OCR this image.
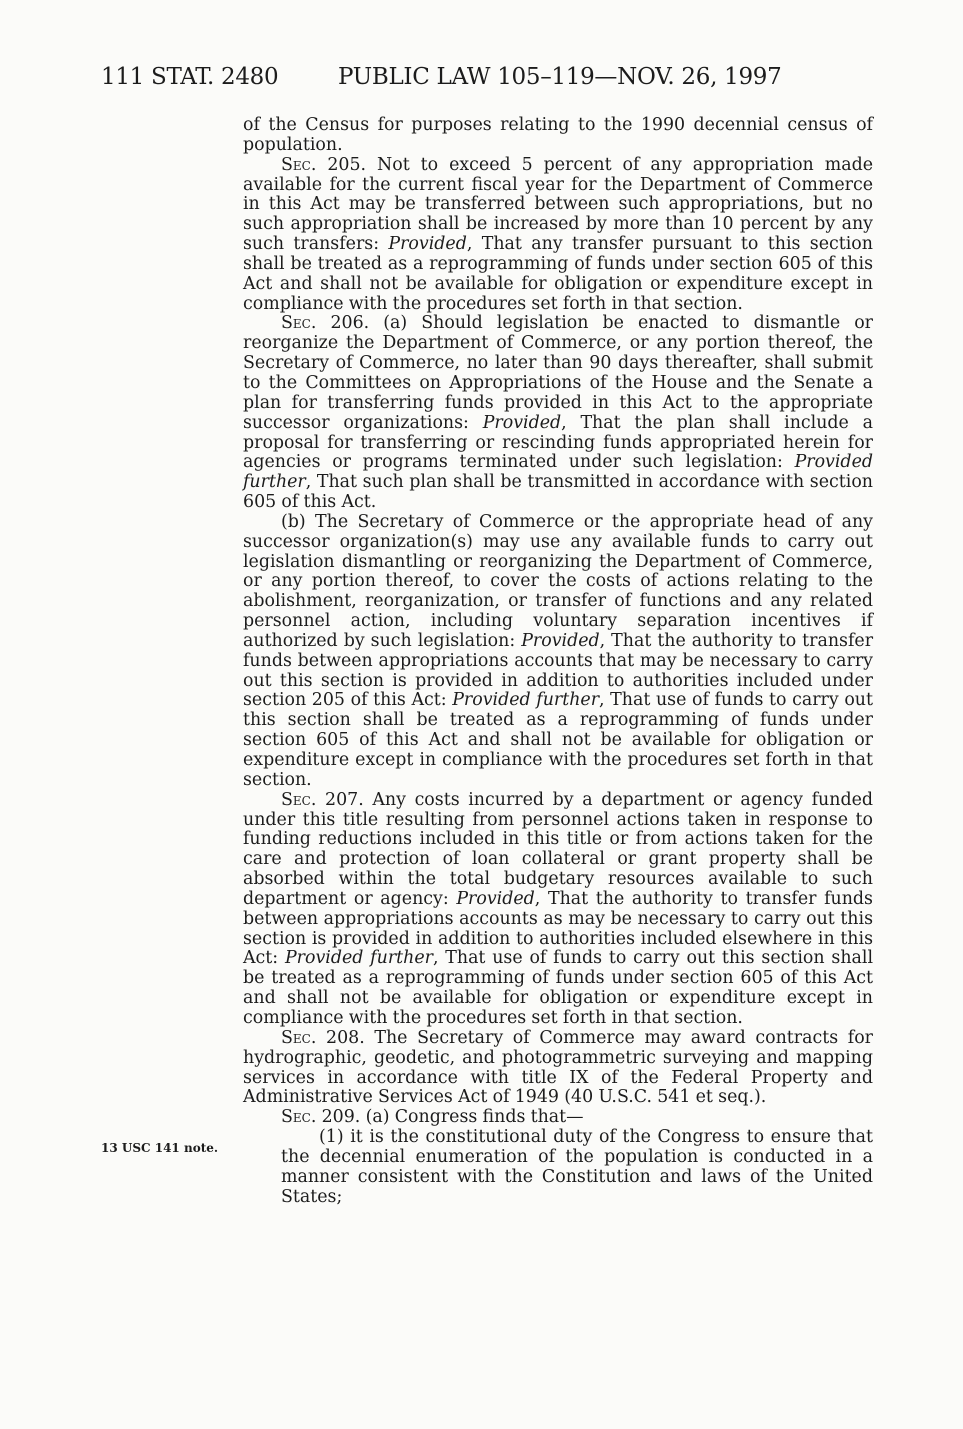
111 STAT. 2480	PUBLIC LAW 105–119—NOV. 26, 1997
13 USC 141 note.

of the Census for purposes relating to the 1990 decennial census of population.

Sec. 205. Not to exceed 5 percent of any appropriation made available for the current fiscal year for the Department of Commerce in this Act may be transferred between such appropriations, but no such appropriation shall be increased by more than 10 percent by any such transfers: Provided, That any transfer pursuant to this section shall be treated as a reprogramming of funds under section 605 of this Act and shall not be available for obligation or expenditure except in compliance with the procedures set forth in that section.

Sec. 206. (a) Should legislation be enacted to dismantle or reorganize the Department of Commerce, or any portion thereof, the Secretary of Commerce, no later than 90 days thereafter, shall submit to the Committees on Appropriations of the House and the Senate a plan for transferring funds provided in this Act to the appropriate successor organizations: Provided, That the plan shall include a proposal for transferring or rescinding funds appropriated herein for agencies or programs terminated under such legislation: Provided further, That such plan shall be transmitted in accordance with section 605 of this Act.

(b) The Secretary of Commerce or the appropriate head of any successor organization(s) may use any available funds to carry out legislation dismantling or reorganizing the Department of Commerce, or any portion thereof, to cover the costs of actions relating to the abolishment, reorganization, or transfer of functions and any related personnel action, including voluntary separation incentives if authorized by such legislation: Provided, That the authority to transfer funds between appropriations accounts that may be necessary to carry out this section is provided in addition to authorities included under section 205 of this Act: Provided further, That use of funds to carry out this section shall be treated as a reprogramming of funds under section 605 of this Act and shall not be available for obligation or expenditure except in compliance with the procedures set forth in that section.

Sec. 207. Any costs incurred by a department or agency funded under this title resulting from personnel actions taken in response to funding reductions included in this title or from actions taken for the care and protection of loan collateral or grant property shall be absorbed within the total budgetary resources available to such department or agency: Provided, That the authority to transfer funds between appropriations accounts as may be necessary to carry out this section is provided in addition to authorities included elsewhere in this Act: Provided further, That use of funds to carry out this section shall be treated as a reprogramming of funds under section 605 of this Act and shall not be available for obligation or expenditure except in compliance with the procedures set forth in that section.

Sec. 208. The Secretary of Commerce may award contracts for hydrographic, geodetic, and photogrammetric surveying and mapping services in accordance with title IX of the Federal Property and Administrative Services Act of 1949 (40 U.S.C. 541 et seq.).

Sec. 209. (a) Congress finds that—

(1) it is the constitutional duty of the Congress to ensure that the decennial enumeration of the population is conducted in a manner consistent with the Constitution and laws of the United States;
